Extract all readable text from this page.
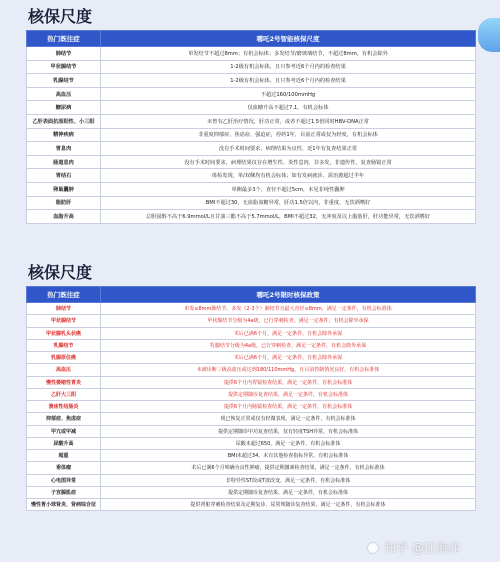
核保尺度
热门既往症	哪吒2号智能核保尺度
肺结节	单发结节不超过8mm；有机会标体；多发结节/磨玻璃结节，不超过8mm，有机会除外
甲状腺结节	1-2级有机会标体，且只参考近6个月内的检查结果
乳腺结节	1-2级有机会标体，且只参考近6个月内的检查结果
高血压	不超过160/100mmHg
糖尿病	仅血糖升高不超过7.1，有机会标体
乙肝表面抗原阳性、小三阳	未曾有乙肝治疗情况，肝功正常，或者不超过1.5倍同时HBV-DNA正常
精神疾病	非重度抑郁症、焦虑症、强迫症，停药1年，目前正常或仅为轻度，有机会标体
胃息肉	没有手术时间要求，病理结果为良性，近1年有复查结果正常
肠道息肉	没有手术时间要求，病理结果仅存在增生性、炎性息肉，非多发，非遗传性，复查肠镜正常
胃结石	体检发现，单/双侧均有机会标体；如有发病就诊，需治愈超过半年
卵巢囊肿	单侧最多3个，直径不超过5cm，未见非纯性囊肿
脂肪肝	BMI不超过30，无血脂血糖异常，肝功1.5倍以内，非重度，无饮酒嗜好
血脂升高	总胆固醇不高于6.9mmol/L且甘油三酯不高于5.7mmol/L，BMI不超过32，无冲度及以上脂肪肝，肝功能异常，无饮酒嗜好
核保尺度
热门既往症	哪吒2号限时核保政策
肺结节	单发≤8mm肺结节，多发（2-3个）肺结节且最大直径≤8mm，满足一定条件，有机会标准体
甲状腺结节	甲状腺结节分级为4a级，已行穿刺检查，满足一定条件，有机会除外承保
甲状腺乳头状癌	术后已满6个月，满足一定条件，有机会除外承保
乳腺结节	乳腺结节分级为4a级，已行穿刺检查，满足一定条件，有机会除外承保
乳腺原位癌	术后已满6个月，满足一定条件，有机会除外承保
高血压	未被诊断三级高血压或达到180/110mmHg，且目前控制情况良好，有机会标准体
慢性萎缩性胃炎	提供6个月内胃镜检查结果，满足一定条件，有机会标准体
乙肝大三阳	提供定期随诊复查结果，满足一定条件，有机会标准体
溃疡性结肠炎	提供6个月内肠镜检查结果，满足一定条件，有机会标准体
抑郁症、焦虑症	现已恢复正常或仅有轻微表现，满足一定条件，有机会标准体
甲亢或甲减	提供定期随诊甲功复查结果，仅有轻度TSH异常，有机会标准体
尿酸升高	尿酸未超过650，满足一定条件，有机会标准体
超重	BMI未超过34，未有其他检查指标异常，有机会标准体
垂体瘤	术后已满6个月明确为良性肿瘤，提供定期激素检查结果，满足一定条件，有机会标准体
心电图异常	非特异性ST段或T波改变，满足一定条件，有机会标准体
子宫腺肌症	提供定期随诊复查结果，满足一定条件，有机会标准体
慢性胃小球肾炎、肾病综合征	提供肾脏穿刺检查结果及定期复诊、尿常规随诊复查结果，满足一定条件，有机会标准体
知乎 @任海洋
